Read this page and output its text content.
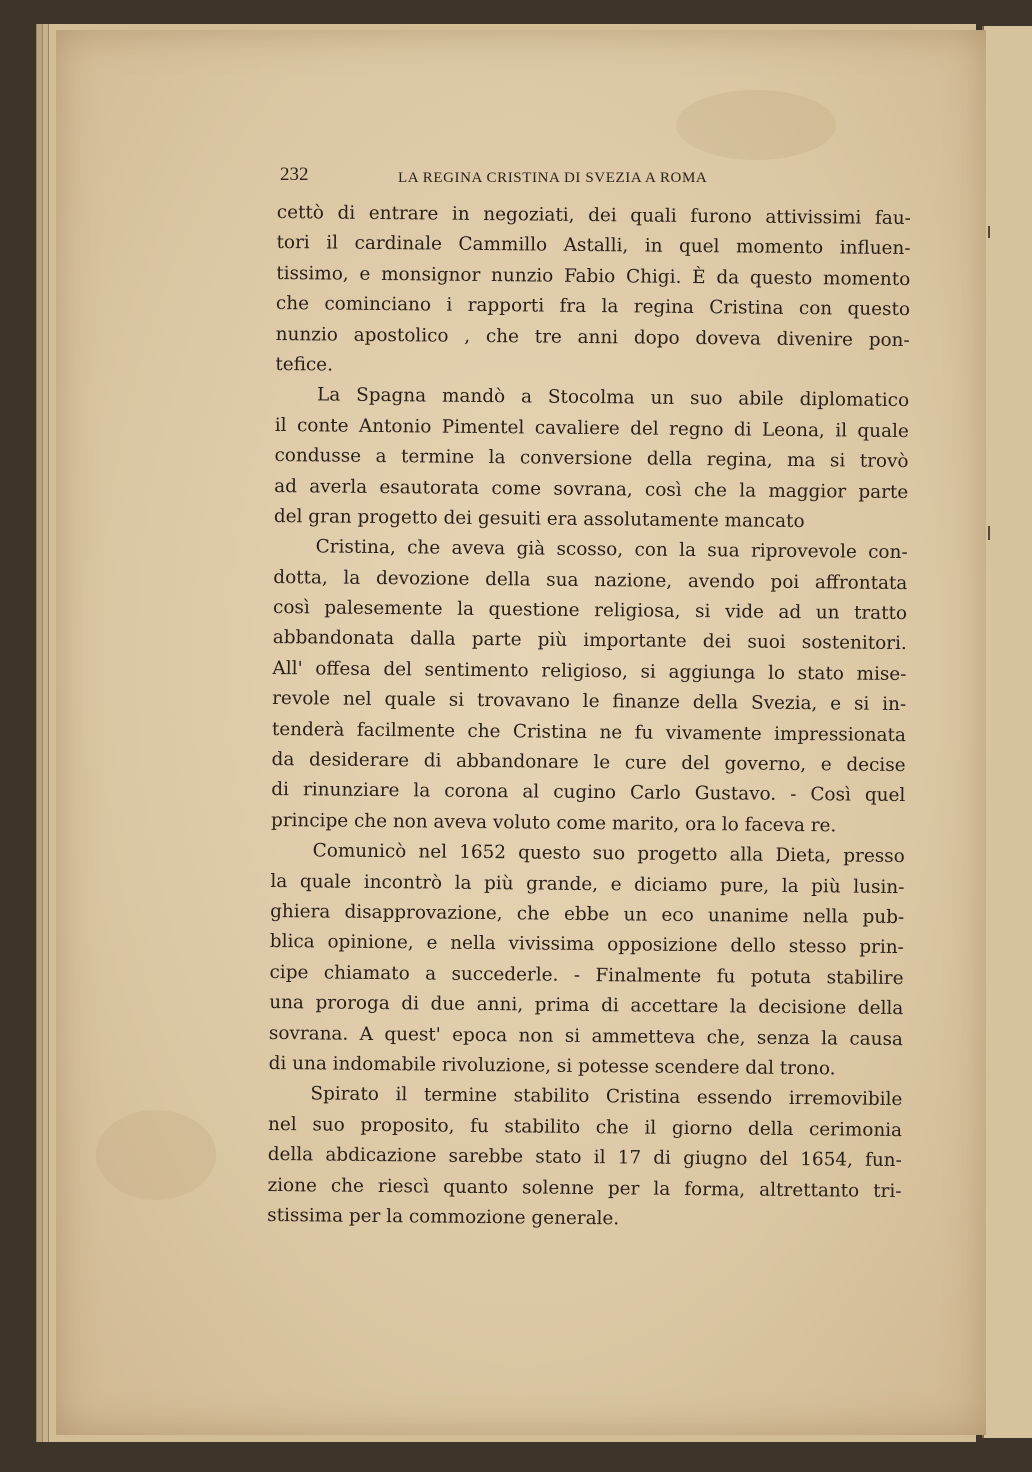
232	LA REGINA CRISTINA DI SVEZIA A ROMA
cettò di entrare in negoziati, dei quali furono attivissimi fau-
tori il cardinale Cammillo Astalli, in quel momento influen-
tissimo, e monsignor nunzio Fabio Chigi. È da questo momento
che cominciano i rapporti fra la regina Cristina con questo
nunzio apostolico , che tre anni dopo doveva divenire pon-
tefice.
La Spagna mandò a Stocolma un suo abile diplomatico
il conte Antonio Pimentel cavaliere del regno di Leona, il quale
condusse a termine la conversione della regina, ma si trovò
ad averla esautorata come sovrana, così che la maggior parte
del gran progetto dei gesuiti era assolutamente mancato
Cristina, che aveva già scosso, con la sua riprovevole con-
dotta, la devozione della sua nazione, avendo poi affrontata
così palesemente la questione religiosa, si vide ad un tratto
abbandonata dalla parte più importante dei suoi sostenitori.
All' offesa del sentimento religioso, si aggiunga lo stato mise-
revole nel quale si trovavano le finanze della Svezia, e si in-
tenderà facilmente che Cristina ne fu vivamente impressionata
da desiderare di abbandonare le cure del governo, e decise
di rinunziare la corona al cugino Carlo Gustavo. - Così quel
principe che non aveva voluto come marito, ora lo faceva re.
Comunicò nel 1652 questo suo progetto alla Dieta, presso
la quale incontrò la più grande, e diciamo pure, la più lusin-
ghiera disapprovazione, che ebbe un eco unanime nella pub-
blica opinione, e nella vivissima opposizione dello stesso prin-
cipe chiamato a succederle. - Finalmente fu potuta stabilire
una proroga di due anni, prima di accettare la decisione della
sovrana. A quest' epoca non si ammetteva che, senza la causa
di una indomabile rivoluzione, si potesse scendere dal trono.
Spirato il termine stabilito Cristina essendo irremovibile
nel suo proposito, fu stabilito che il giorno della cerimonia
della abdicazione sarebbe stato il 17 di giugno del 1654, fun-
zione che riescì quanto solenne per la forma, altrettanto tri-
stissima per la commozione generale.
